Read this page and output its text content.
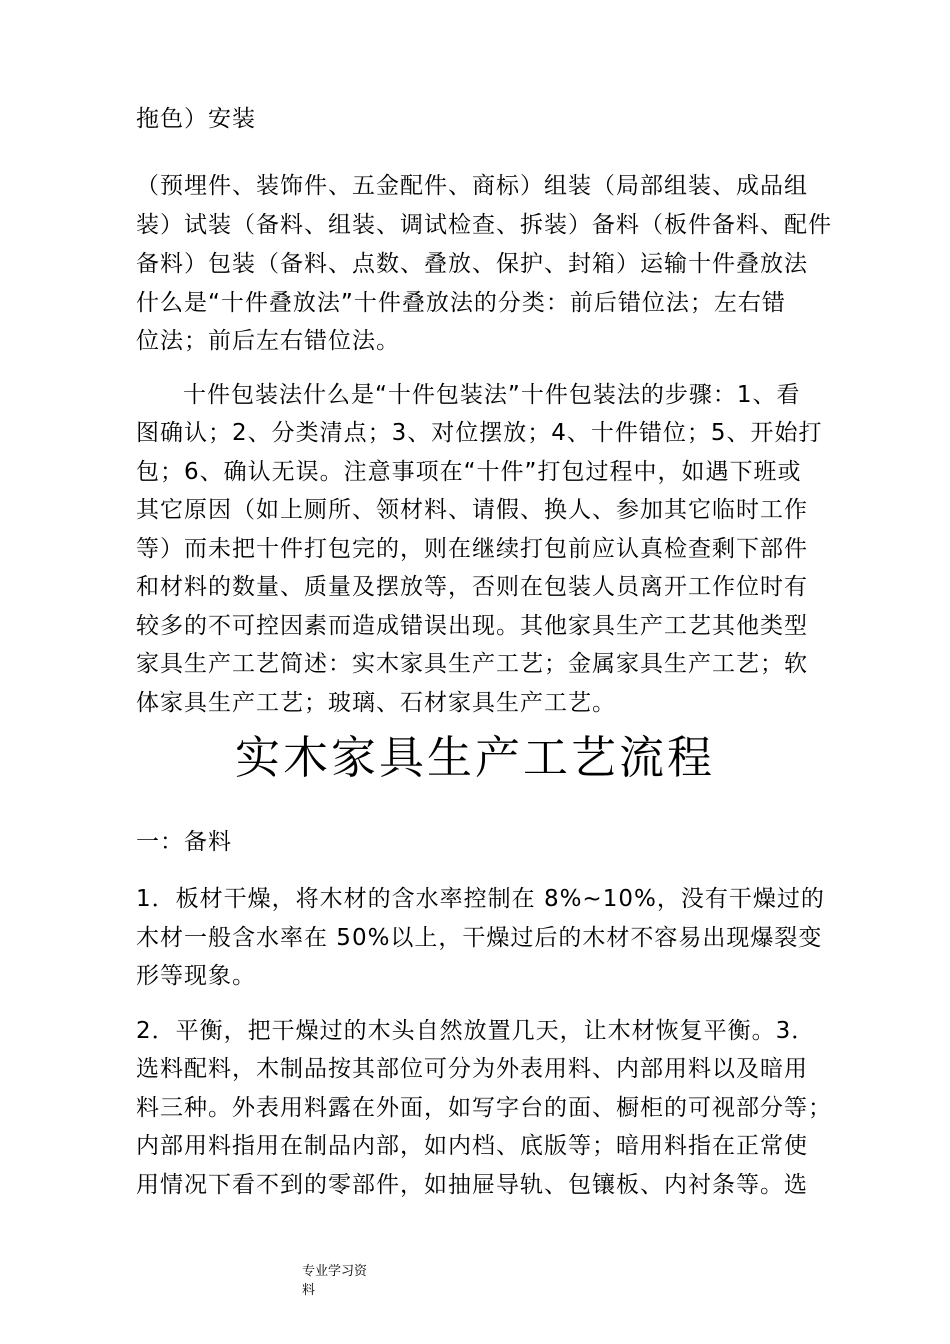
拖色）安装
（预埋件、装饰件、五金配件、商标）组装（局部组装、成品组
装）试装（备料、组装、调试检查、拆装）备料（板件备料、配件
备料）包装（备料、点数、叠放、保护、封箱）运输十件叠放法
什么是“十件叠放法”十件叠放法的分类：前后错位法；左右错
位法；前后左右错位法。
十件包装法什么是“十件包装法”十件包装法的步骤：1、看
图确认；2、分类清点；3、对位摆放；4、十件错位；5、开始打
包；6、确认无误。注意事项在“十件”打包过程中，如遇下班或
其它原因（如上厕所、领材料、请假、换人、参加其它临时工作
等）而未把十件打包完的，则在继续打包前应认真检查剩下部件
和材料的数量、质量及摆放等，否则在包装人员离开工作位时有
较多的不可控因素而造成错误出现。其他家具生产工艺其他类型
家具生产工艺简述：实木家具生产工艺；金属家具生产工艺；软
体家具生产工艺；玻璃、石材家具生产工艺。
实木家具生产工艺流程
一：备料
1．板材干燥，将木材的含水率控制在 8%~10%，没有干燥过的
木材一般含水率在 50%以上，干燥过后的木材不容易出现爆裂变
形等现象。
2．平衡，把干燥过的木头自然放置几天，让木材恢复平衡。3．
选料配料，木制品按其部位可分为外表用料、内部用料以及暗用
料三种。外表用料露在外面，如写字台的面、橱柜的可视部分等；
内部用料指用在制品内部，如内档、底版等；暗用料指在正常使
用情况下看不到的零部件，如抽屉导轨、包镶板、内衬条等。选
专业学习资
料
